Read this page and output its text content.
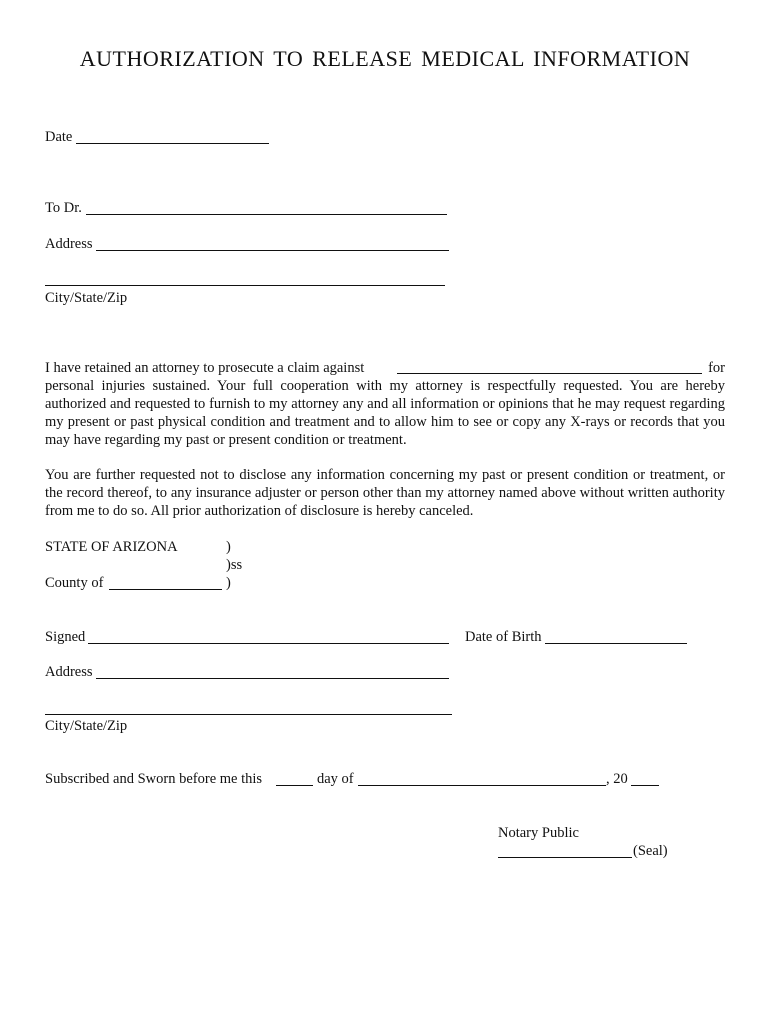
AUTHORIZATION TO RELEASE MEDICAL INFORMATION
Date
To Dr.
Address
City/State/Zip
I have retained an attorney to prosecute a claim against	for
personal injuries sustained. Your full cooperation with my attorney is respectfully requested. You are hereby authorized and requested to furnish to my attorney any and all information or opinions that he may request regarding my present or past physical condition and treatment and to allow him to see or copy any X-rays or records that you may have regarding my past or present condition or treatment.
You are further requested not to disclose any information concerning my past or present condition or treatment, or the record thereof, to any insurance adjuster or person other than my attorney named above without written authority from me to do so. All prior authorization of disclosure is hereby canceled.
STATE OF ARIZONA	)
)ss
County of	)
Signed	Date of Birth
Address
City/State/Zip
Subscribed and Sworn before me this	day of	, 20
Notary Public
(Seal)
